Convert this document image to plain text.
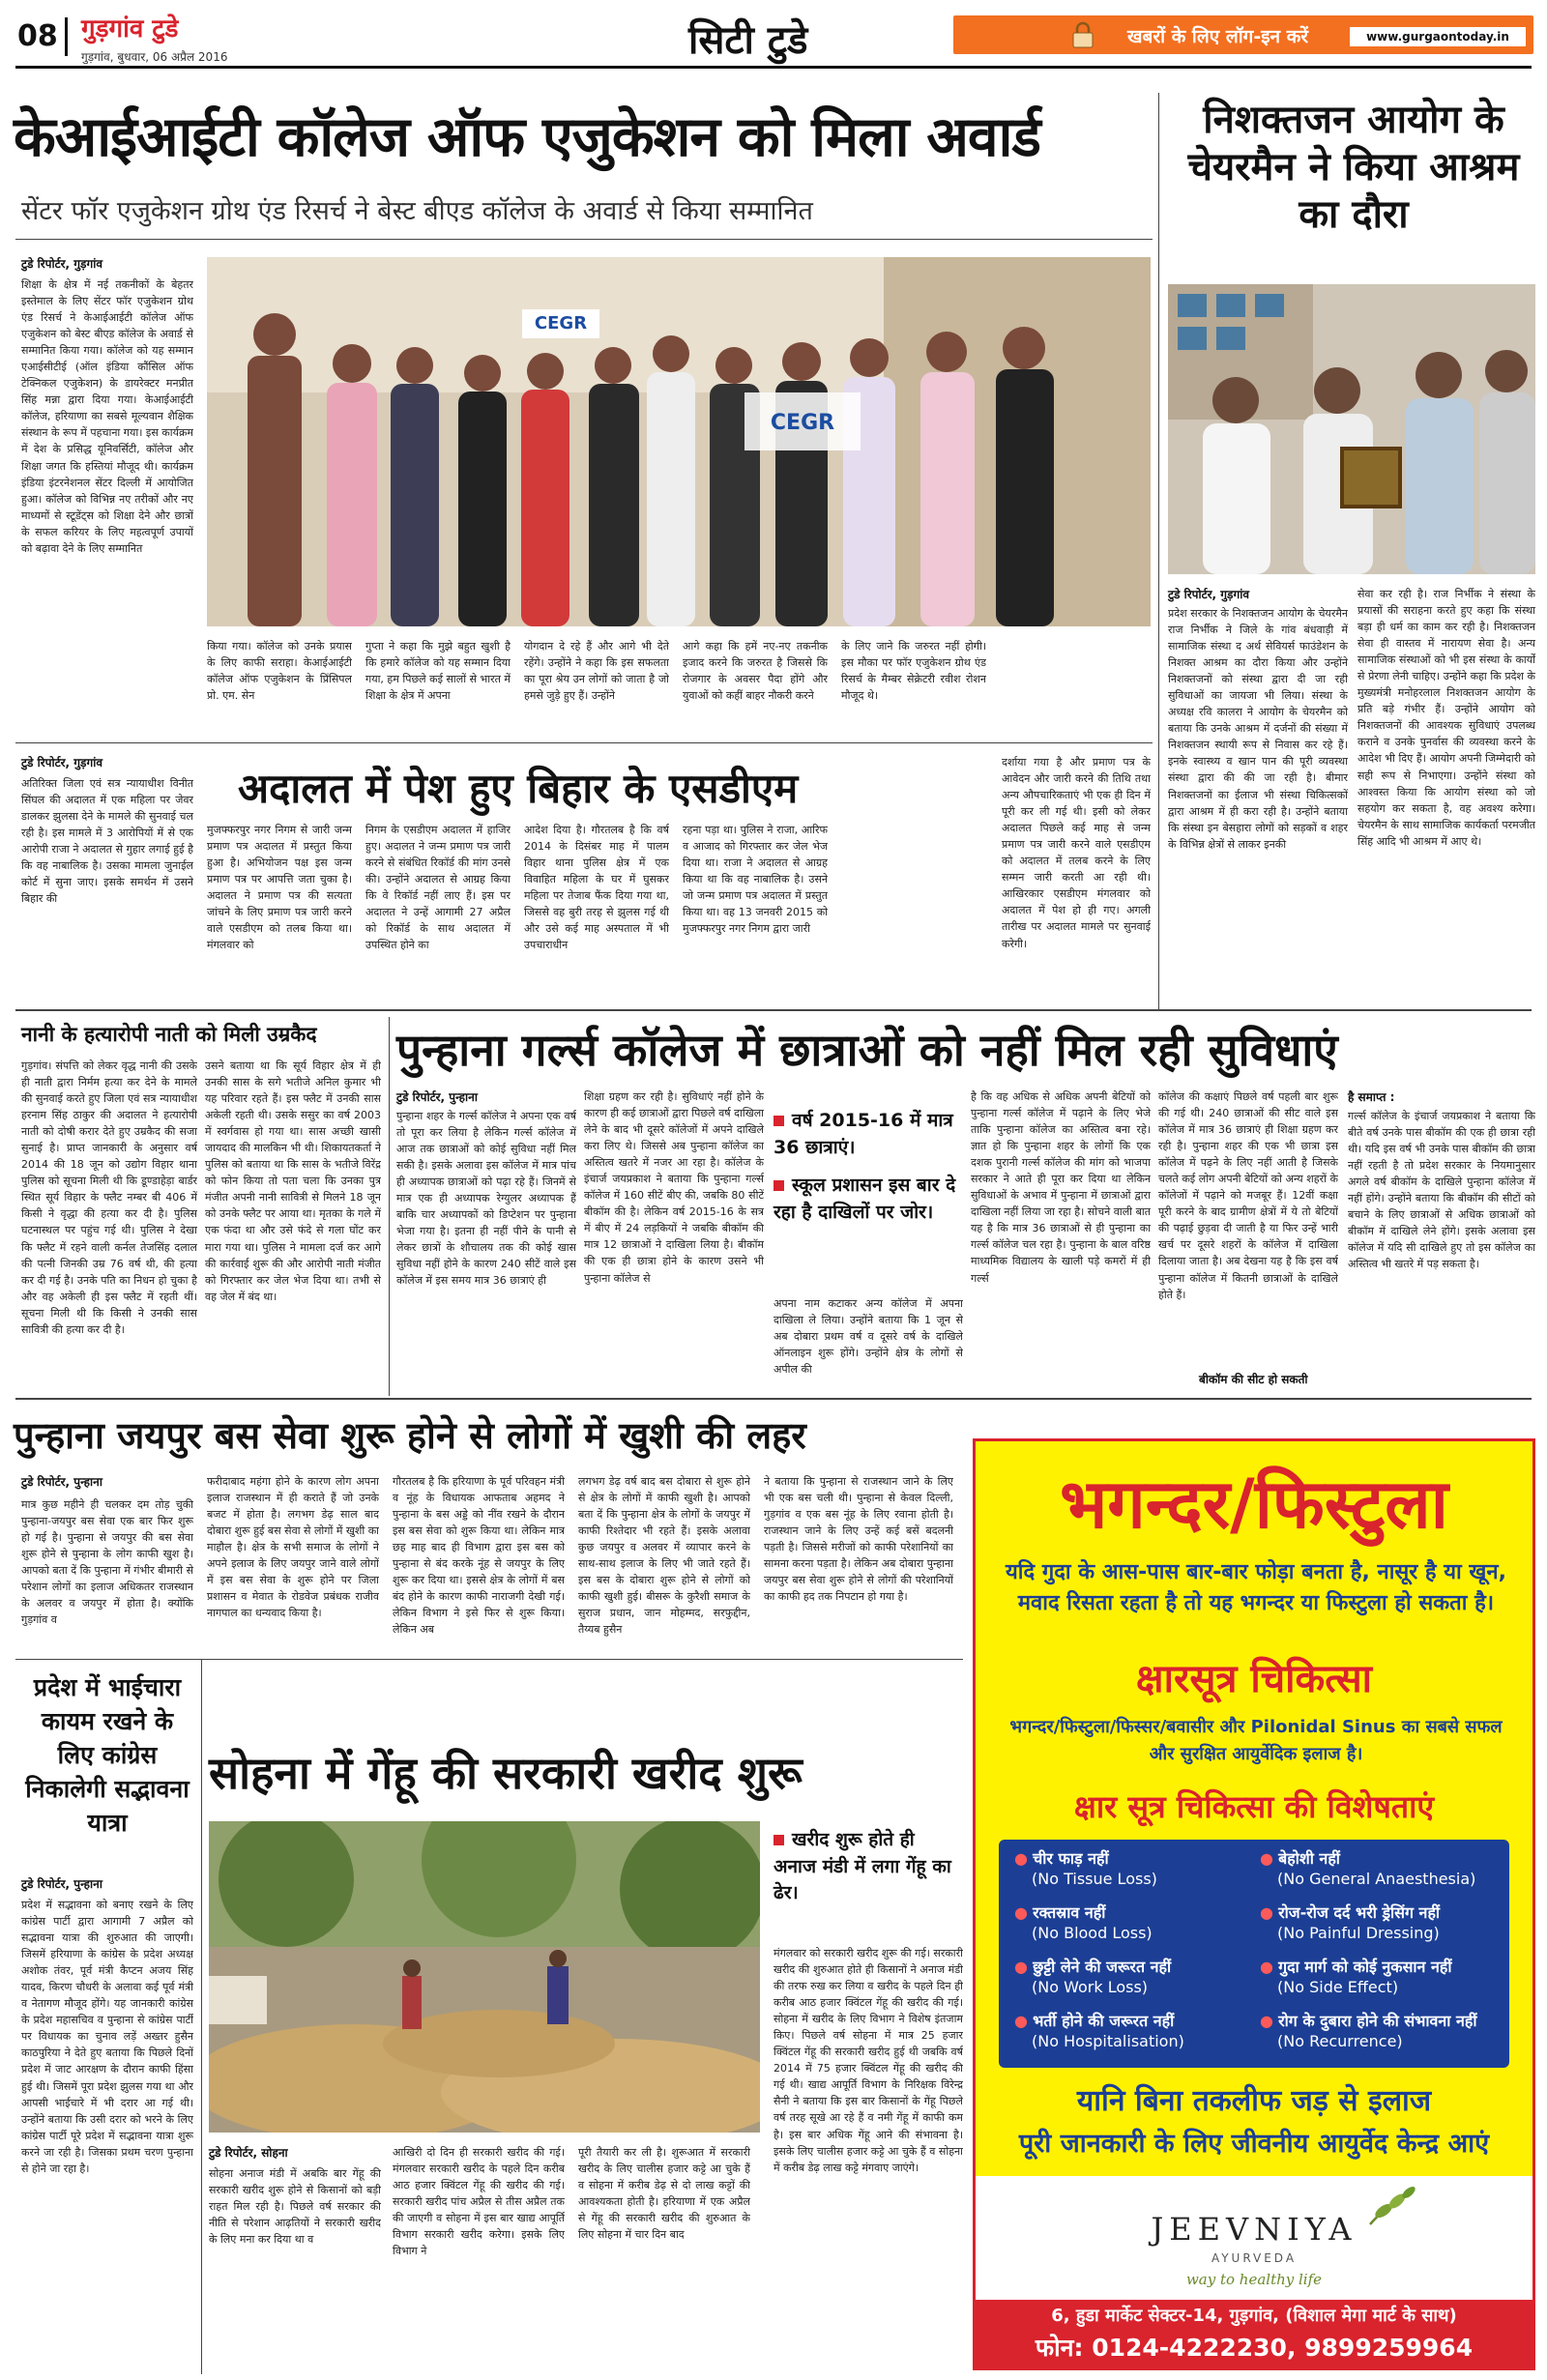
08 गुड़गांव टुडे
गुड़गांव, बुधवार, 06 अप्रैल 2016	सिटी टुडे	खबरों के लिए लॉग-इन करें	www.gurgaontoday.in
केआईआईटी कॉलेज ऑफ एजुकेशन को मिला अवार्ड
सेंटर फॉर एजुकेशन ग्रोथ एंड रिसर्च ने बेस्ट बीएड कॉलेज के अवार्ड से किया सम्मानित
टुडे रिपोर्टर, गुड़गांव
शिक्षा के क्षेत्र में नई तकनीकों के बेहतर इस्तेमाल के लिए सेंटर फॉर एजुकेशन ग्रोथ एंड रिसर्च ने केआईआईटी कॉलेज ऑफ एजुकेशन को बेस्ट बीएड कॉलेज के अवार्ड से सम्मानित किया गया। कॉलेज को यह सम्मान एआईसीटीई (ऑल इंडिया कौंसिल ऑफ टेक्निकल एजुकेशन) के डायरेक्टर मनप्रीत सिंह मन्ना द्वारा दिया गया। केआईआईटी कॉलेज, हरियाणा का सबसे मूल्यवान शैक्षिक संस्थान के रूप में पहचाना गया। इस कार्यक्रम में देश के प्रसिद्ध यूनिवर्सिटी, कॉलेज और शिक्षा जगत कि हस्तियां मौजूद थी। कार्यक्रम इंडिया इंटरनेशनल सेंटर दिल्ली में आयोजित हुआ। कॉलेज को विभिन्न नए तरीकों और नए माध्यमों से स्टूडेंट्स को शिक्षा देने और छात्रों के सफल करियर के लिए महत्वपूर्ण उपायों को बढ़ावा देने के लिए सम्मानित
CEGR
CEGR
किया गया। कॉलेज को उनके प्रयास के लिए काफी सराहा। केआईआईटी कॉलेज ऑफ एजुकेशन के प्रिंसिपल प्रो. एम. सेन
गुप्ता ने कहा कि मुझे बहुत खुशी है कि हमारे कॉलेज को यह सम्मान दिया गया, हम पिछले कई सालों से भारत में शिक्षा के क्षेत्र में अपना
योगदान दे रहे हैं और आगे भी देते रहेंगे। उन्होंने ने कहा कि इस सफलता का पूरा श्रेय उन लोगों को जाता है जो हमसे जुड़े हुए हैं। उन्होंने
आगे कहा कि हमें नए-नए तकनीक इजाद करने कि जरुरत है जिससे कि रोजगार के अवसर पैदा होंगे और युवाओं को कहीं बाहर नौकरी करने
के लिए जाने कि जरुरत नहीं होगी। इस मौका पर फॉर एजुकेशन ग्रोथ एंड रिसर्च के मैम्बर सेक्रेटरी रवीश रोशन मौजूद थे।
निशक्तजन आयोग के चेयरमैन ने किया आश्रम का दौरा
टुडे रिपोर्टर, गुड़गांव
प्रदेश सरकार के निशक्तजन आयोग के चेयरमैन राज निर्भीक ने जिले के गांव बंधवाड़ी में सामाजिक संस्था द अर्थ सेवियर्स फाउंडेशन के निशक्त आश्रम का दौरा किया और उन्होंने निशक्तजनों को संस्था द्वारा दी जा रही सुविधाओं का जायजा भी लिया। संस्था के अध्यक्ष रवि कालरा ने आयोग के चेयरमैन को बताया कि उनके आश्रम में दर्जनों की संख्या में निशक्तजन स्थायी रूप से निवास कर रहे हैं। इनके स्वास्थ्य व खान पान की पूरी व्यवस्था संस्था द्वारा की की जा रही है। बीमार निशक्तजनों का ईलाज भी संस्था चिकित्सकों द्वारा आश्रम में ही करा रही है। उन्होंने बताया कि संस्था इन बेसहारा लोगों को सड़कों व शहर के विभिन्न क्षेत्रों से लाकर इनकी
सेवा कर रही है। राज निर्भीक ने संस्था के प्रयासों की सराहना करते हुए कहा कि संस्था बड़ा ही धर्म का काम कर रही है। निशक्तजन सेवा ही वास्तव में नारायण सेवा है। अन्य सामाजिक संस्थाओं को भी इस संस्था के कार्यों से प्रेरणा लेनी चाहिए। उन्होंने कहा कि प्रदेश के मुख्यमंत्री मनोहरलाल निशक्तजन आयोग के प्रति बड़े गंभीर हैं। उन्होंने आयोग को निशक्तजनों की आवश्यक सुविधाएं उपलब्ध कराने व उनके पुनर्वास की व्यवस्था करने के आदेश भी दिए हैं। आयोग अपनी जिम्मेदारी को सही रूप से निभाएगा। उन्होंने संस्था को आश्वस्त किया कि आयोग संस्था को जो सहयोग कर सकता है, वह अवश्य करेगा। चेयरमैन के साथ सामाजिक कार्यकर्ता परमजीत सिंह आदि भी आश्रम में आए थे।
टुडे रिपोर्टर, गुड़गांव
अतिरिक्त जिला एवं सत्र न्यायाधीश विनीत सिंघल की अदालत में एक महिला पर जेवर डालकर झुलसा देने के मामले की सुनवाई चल रही है। इस मामले में 3 आरोपियों में से एक आरोपी राजा ने अदालत से गुहार लगाई हुई है कि वह नाबालिक है। उसका मामला जुनाईल कोर्ट में सुना जाए। इसके समर्थन में उसने बिहार की
अदालत में पेश हुए बिहार के एसडीएम
मुजफ्फरपुर नगर निगम से जारी जन्म प्रमाण पत्र अदालत में प्रस्तुत किया हुआ है। अभियोजन पक्ष इस जन्म प्रमाण पत्र पर आपत्ति जता चुका है। अदालत ने प्रमाण पत्र की सत्यता जांचने के लिए प्रमाण पत्र जारी करने वाले एसडीएम को तलब किया था। मंगलवार को
निगम के एसडीएम अदालत में हाजिर हुए। अदालत ने जन्म प्रमाण पत्र जारी करने से संबंधित रिकॉर्ड की मांग उनसे की। उन्होंने अदालत से आग्रह किया कि वे रिकॉर्ड नहीं लाए हैं। इस पर अदालत ने उन्हें आगामी 27 अप्रैल को रिकॉर्ड के साथ अदालत में उपस्थित होने का
आदेश दिया है। गौरतलब है कि वर्ष 2014 के दिसंबर माह में पालम विहार थाना पुलिस क्षेत्र में एक विवाहित महिला के घर में घुसकर महिला पर तेजाब फैंक दिया गया था, जिससे वह बुरी तरह से झुलस गई थी और उसे कई माह अस्पताल में भी उपचाराधीन
रहना पड़ा था। पुलिस ने राजा, आरिफ व आजाद को गिरफ्तार कर जेल भेज दिया था। राजा ने अदालत से आग्रह किया था कि वह नाबालिक है। उसने जो जन्म प्रमाण पत्र अदालत में प्रस्तुत किया था। वह 13 जनवरी 2015 को मुजफ्फरपुर नगर निगम द्वारा जारी
दर्शाया गया है और प्रमाण पत्र के आवेदन और जारी करने की तिथि तथा अन्य औपचारिकताएं भी एक ही दिन में पूरी कर ली गई थी। इसी को लेकर अदालत पिछले कई माह से जन्म प्रमाण पत्र जारी करने वाले एसडीएम को अदालत में तलब करने के लिए सम्मन जारी करती आ रही थी। आखिरकार एसडीएम मंगलवार को अदालत में पेश हो ही गए। अगली तारीख पर अदालत मामले पर सुनवाई करेगी।
नानी के हत्यारोपी नाती को मिली उम्रकैद
गुड़गांव। संपत्ति को लेकर वृद्ध नानी की उसके ही नाती द्वारा निर्मम हत्या कर देने के मामले की सुनवाई करते हुए जिला एवं सत्र न्यायाधीश हरनाम सिंह ठाकुर की अदालत ने हत्यारोपी नाती को दोषी करार देते हुए उम्रकैद की सजा सुनाई है। प्राप्त जानकारी के अनुसार वर्ष 2014 की 18 जून को उद्योग विहार थाना पुलिस को सूचना मिली थी कि डूण्डाहेड़ा बार्डर स्थित सूर्य विहार के फ्लैट नम्बर बी 406 में किसी ने वृद्धा की हत्या कर दी है। पुलिस घटनास्थल पर पहुंच गई थी। पुलिस ने देखा कि फ्लैट में रहने वाली कर्नल तेजसिंह दलाल की पत्नी जिनकी उम्र 76 वर्ष थी, की हत्या कर दी गई है। उनके पति का निधन हो चुका है और वह अकेली ही इस फ्लैट में रहती थीं। सूचना मिली थी कि किसी ने उनकी सास सावित्री की हत्या कर दी है।
उसने बताया था कि सूर्य विहार क्षेत्र में ही उनकी सास के सगे भतीजे अनिल कुमार भी यह परिवार रहते हैं। इस फ्लैट में उनकी सास अकेली रहती थी। उसके ससुर का वर्ष 2003 में स्वर्गवास हो गया था। सास अच्छी खासी जायदाद की मालकिन भी थी। शिकायतकर्ता ने पुलिस को बताया था कि सास के भतीजे विरेंद्र को फोन किया तो पता चला कि उनका पुत्र मंजीत अपनी नानी सावित्री से मिलने 18 जून को उनके फ्लैट पर आया था। मृतका के गले में एक फंदा था और उसे फंदे से गला घोंट कर मारा गया था। पुलिस ने मामला दर्ज कर आगे की कार्रवाई शुरू की और आरोपी नाती मंजीत को गिरफ्तार कर जेल भेज दिया था। तभी से वह जेल में बंद था।
पुन्हाना गर्ल्स कॉलेज में छात्राओं को नहीं मिल रही सुविधाएं
टुडे रिपोर्टर, पुन्हाना
पुन्हाना शहर के गर्ल्स कॉलेज ने अपना एक वर्ष तो पूरा कर लिया है लेकिन गर्ल्स कॉलेज में आज तक छात्राओं को कोई सुविधा नहीं मिल सकी है। इसके अलावा इस कॉलेज में मात्र पांच ही अध्यापक छात्राओं को पढ़ा रहे हैं। जिनमें से मात्र एक ही अध्यापक रेग्युलर अध्यापक हैं बाकि चार अध्यापकों को डिप्टेशन पर पुन्हाना भेजा गया है। इतना ही नहीं पीने के पानी से लेकर छात्रों के शौचालय तक की कोई खास सुविधा नहीं होने के कारण 240 सीटें वाले इस कॉलेज में इस समय मात्र 36 छात्राएं ही
शिक्षा ग्रहण कर रही है। सुविधाएं नहीं होने के कारण ही कई छात्राओं द्वारा पिछले वर्ष दाखिला लेने के बाद भी दूसरे कॉलेजों में अपने दाखिले करा लिए थे। जिससे अब पुन्हाना कॉलेज का अस्तित्व खतरे में नजर आ रहा है। कॉलेज के इंचार्ज जयप्रकाश ने बताया कि पुन्हाना गर्ल्स कॉलेज में 160 सीटें बीए की, जबकि 80 सीटें बीकॉम की है। लेकिन वर्ष 2015-16 के सत्र में बीए में 24 लड़कियों ने जबकि बीकॉम की मात्र 12 छात्राओं ने दाखिला लिया है। बीकॉम की एक ही छात्रा होने के कारण उसने भी पुन्हाना कॉलेज से
वर्ष 2015-16 में मात्र 36 छात्राएं।
स्कूल प्रशासन इस बार दे रहा है दाखिलों पर जोर।
अपना नाम कटाकर अन्य कॉलेज में अपना दाखिला ले लिया। उन्होंने बताया कि 1 जून से अब दोबारा प्रथम वर्ष व दूसरे वर्ष के दाखिले ऑनलाइन शुरू होंगे। उन्होंने क्षेत्र के लोगों से अपील की
है कि वह अधिक से अधिक अपनी बेटियों को पुन्हाना गर्ल्स कॉलेज में पढ़ाने के लिए भेजे ताकि पुन्हाना कॉलेज का अस्तित्व बना रहे। ज्ञात हो कि पुन्हाना शहर के लोगों कि एक दशक पुरानी गर्ल्स कॉलेज की मांग को भाजपा सरकार ने आते ही पूरा कर दिया था लेकिन सुविधाओं के अभाव में पुन्हाना में छात्राओं द्वारा दाखिला नहीं लिया जा रहा है। सोचने वाली बात यह है कि मात्र 36 छात्राओं से ही पुन्हाना का गर्ल्स कॉलेज चल रहा है। पुन्हाना के बाल वरिष्ठ माध्यमिक विद्यालय के खाली पड़े कमरों में ही गर्ल्स
कॉलेज की कक्षाएं पिछले वर्ष पहली बार शुरू की गई थी। 240 छात्राओं की सीट वाले इस कॉलेज में मात्र 36 छात्राएं ही शिक्षा ग्रहण कर रही है। पुन्हाना शहर की एक भी छात्रा इस कॉलेज में पढ़ने के लिए नहीं आती है जिसके चलते कई लोग अपनी बेटियों को अन्य शहरों के कॉलेजों में पढ़ाने को मजबूर हैं। 12वीं कक्षा पूरी करने के बाद ग्रामीण क्षेत्रों में ये तो बेटियों की पढ़ाई छुड़वा दी जाती है या फिर उन्हें भारी खर्च पर दूसरे शहरों के कॉलेज में दाखिला दिलाया जाता है। अब देखना यह है कि इस वर्ष पुन्हाना कॉलेज में कितनी छात्राओं के दाखिले होते हैं।
बीकॉम की सीट हो सकती
है समाप्त :
गर्ल्स कॉलेज के इंचार्ज जयप्रकाश ने बताया कि बीते वर्ष उनके पास बीकॉम की एक ही छात्रा रही थी। यदि इस वर्ष भी उनके पास बीकॉम की छात्रा नहीं रहती है तो प्रदेश सरकार के नियमानुसार अगले वर्ष बीकॉम के दाखिले पुन्हाना कॉलेज में नहीं होंगे। उन्होंने बताया कि बीकॉम की सीटों को बचाने के लिए छात्राओं से अधिक छात्राओं को बीकॉम में दाखिले लेने होंगे। इसके अलावा इस कॉलेज में यदि सी दाखिले हुए तो इस कॉलेज का अस्तित्व भी खतरे में पड़ सकता है।
पुन्हाना जयपुर बस सेवा शुरू होने से लोगों में खुशी की लहर
टुडे रिपोर्टर, पुन्हाना
मात्र कुछ महीने ही चलकर दम तोड़ चुकी पुन्हाना-जयपुर बस सेवा एक बार फिर शुरू हो गई है। पुन्हाना से जयपुर की बस सेवा शुरू होने से पुन्हाना के लोग काफी खुश है। आपको बता दें कि पुन्हाना में गंभीर बीमारी से परेशान लोगों का इलाज अधिकतर राजस्थान के अलवर व जयपुर में होता है। क्योंकि गुड़गांव व
फरीदाबाद महंगा होने के कारण लोग अपना इलाज राजस्थान में ही कराते हैं जो उनके बजट में होता है। लगभग डेढ़ साल बाद दोबारा शुरू हुई बस सेवा से लोगों में खुशी का माहौल है। क्षेत्र के सभी समाज के लोगों ने अपने इलाज के लिए जयपुर जाने वाले लोगों में इस बस सेवा के शुरू होने पर जिला प्रशासन व मेवात के रोडवेज प्रबंधक राजीव नागपाल का धन्यवाद किया है।
गौरतलब है कि हरियाणा के पूर्व परिवहन मंत्री व नूंह के विधायक आफताब अहमद ने पुन्हाना के बस अड्डे को नींव रखने के दौरान इस बस सेवा को शुरू किया था। लेकिन मात्र छह माह बाद ही विभाग द्वारा इस बस को पुन्हाना से बंद करके नूंह से जयपुर के लिए शुरू कर दिया था। इससे क्षेत्र के लोगों में बस बंद होने के कारण काफी नाराजगी देखी गई। लेकिन विभाग ने इसे फिर से शुरू किया। लेकिन अब
लगभग डेढ़ वर्ष बाद बस दोबारा से शुरू होने से क्षेत्र के लोगों में काफी खुशी है। आपको बता दें कि पुन्हाना क्षेत्र के लोगों के जयपुर में काफी रिश्तेदार भी रहते हैं। इसके अलावा कुछ जयपुर व अलवर में व्यापार करने के साथ-साथ इलाज के लिए भी जाते रहते हैं। इस बस के दोबारा शुरू होने से लोगों को काफी खुशी हुई। बीसरू के कुरैशी समाज के सुराज प्रधान, जान मोहम्मद, सरफुद्दीन, तैय्यब हुसैन
ने बताया कि पुन्हाना से राजस्थान जाने के लिए भी एक बस चली थी। पुन्हाना से केवल दिल्ली, गुड़गांव व एक बस नूंह के लिए रवाना होती है। राजस्थान जाने के लिए उन्हें कई बसें बदलनी पड़ती है। जिससे मरीजों को काफी परेशानियों का सामना करना पड़ता है। लेकिन अब दोबारा पुन्हाना जयपुर बस सेवा शुरू होने से लोगों की परेशानियों का काफी हद तक निपटान हो गया है।
प्रदेश में भाईचारा कायम रखने के लिए कांग्रेस निकालेगी सद्भावना यात्रा
टुडे रिपोर्टर, पुन्हाना
प्रदेश में सद्भावना को बनाए रखने के लिए कांग्रेस पार्टी द्वारा आगामी 7 अप्रैल को सद्भावना यात्रा की शुरुआत की जाएगी। जिसमें हरियाणा के कांग्रेस के प्रदेश अध्यक्ष अशोक तंवर, पूर्व मंत्री कैप्टन अजय सिंह यादव, किरण चौधरी के अलावा कई पूर्व मंत्री व नेतागण मौजूद होंगे। यह जानकारी कांग्रेस के प्रदेश महासचिव व पुन्हाना से कांग्रेस पार्टी पर विधायक का चुनाव लड़ें अख्तर हुसैन काठपुरिया ने देते हुए बताया कि पिछले दिनों प्रदेश में जाट आरक्षण के दौरान काफी हिंसा हुई थी। जिसमें पूरा प्रदेश झुलस गया था और आपसी भाईचारे में भी दरार आ गई थी। उन्होंने बताया कि उसी दरार को भरने के लिए कांग्रेस पार्टी पूरे प्रदेश में सद्भावना यात्रा शुरू करने जा रही है। जिसका प्रथम चरण पुन्हाना से होने जा रहा है।
सोहना में गेंहू की सरकारी खरीद शुरू
खरीद शुरू होते ही अनाज मंडी में लगा गेंहू का ढेर।
टुडे रिपोर्टर, सोहना
सोहना अनाज मंडी में अबकि बार गेंहू की सरकारी खरीद शुरू होने से किसानों को बड़ी राहत मिल रही है। पिछले वर्ष सरकार की नीति से परेशान आढ़तियों ने सरकारी खरीद के लिए मना कर दिया था व
आखिरी दो दिन ही सरकारी खरीद की गई। मंगलवार सरकारी खरीद के पहले दिन करीब आठ हजार क्विंटल गेंहू की खरीद की गई। सरकारी खरीद पांच अप्रैल से तीस अप्रैल तक की जाएगी व सोहना में इस बार खाद्य आपूर्ति विभाग सरकारी खरीद करेगा। इसके लिए विभाग ने
पूरी तैयारी कर ली है। शुरूआत में सरकारी खरीद के लिए चालीस हजार कट्टे आ चुके हैं व सोहना में करीब डेढ़ से दो लाख कट्टों की आवश्यकता होती है। हरियाणा में एक अप्रैल से गेंहू की सरकारी खरीद की शुरुआत के लिए सोहना में चार दिन बाद
मंगलवार को सरकारी खरीद शुरू की गई। सरकारी खरीद की शुरुआत होते ही किसानों ने अनाज मंडी की तरफ रुख कर लिया व खरीद के पहले दिन ही करीब आठ हजार क्विंटल गेंहू की खरीद की गई। सोहना में खरीद के लिए विभाग ने विशेष इंतजाम किए। पिछले वर्ष सोहना में मात्र 25 हजार क्विंटल गेंहू की सरकारी खरीद हुई थी जबकि वर्ष 2014 में 75 हजार क्विंटल गेंहू की खरीद की गई थी। खाद्य आपूर्ति विभाग के निरिक्षक विरेन्द्र सैनी ने बताया कि इस बार किसानों के गेंहू पिछले वर्ष तरह सूखे आ रहे हैं व नमी गेंहू में काफी कम है। इस बार अधिक गेंहू आने की संभावना है। इसके लिए चालीस हजार कट्टे आ चुके हैं व सोहना में करीब डेढ़ लाख कट्टे मंगवाए जाएंगे।
भगन्दर/फिस्टुला
यदि गुदा के आस-पास बार-बार फोड़ा बनता है, नासूर है या खून, मवाद रिसता रहता है तो यह भगन्दर या फिस्टुला हो सकता है।
क्षारसूत्र चिकित्सा
भगन्दर/फिस्टुला/फिस्सर/बवासीर और Pilonidal Sinus का सबसे सफल और सुरक्षित आयुर्वेदिक इलाज है।
क्षार सूत्र चिकित्सा की विशेषताएं
● चीर फाड़ नहीं
(No Tissue Loss)
● बेहोशी नहीं
(No General Anaesthesia)
● रक्तस्राव नहीं
(No Blood Loss)
● रोज-रोज दर्द भरी ड्रेसिंग नहीं
(No Painful Dressing)
● छुट्टी लेने की जरूरत नहीं
(No Work Loss)
● गुदा मार्ग को कोई नुकसान नहीं
(No Side Effect)
● भर्ती होने की जरूरत नहीं
(No Hospitalisation)
● रोग के दुबारा होने की संभावना नहीं
(No Recurrence)
यानि बिना तकलीफ जड़ से इलाज
पूरी जानकारी के लिए जीवनीय आयुर्वेद केन्द्र आएं
JEEVNIYA
AYURVEDA
way to healthy life
6, हुडा मार्केट सेक्टर-14, गुड़गांव, (विशाल मेगा मार्ट के साथ)
फोन: 0124-4222230, 9899259964
